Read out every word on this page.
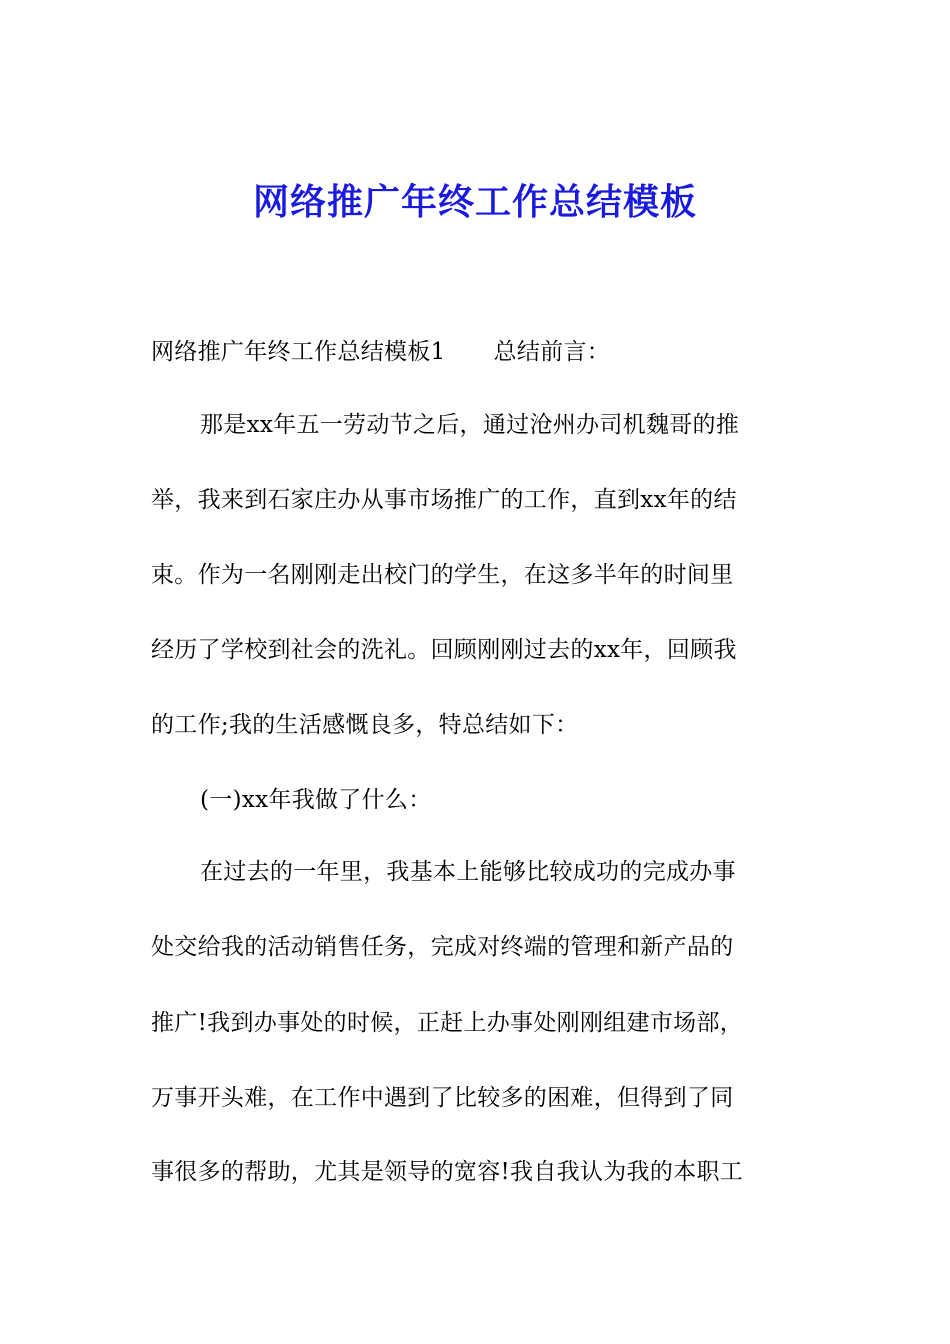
网络推广年终工作总结模板
网络推广年终工作总结模板1 总结前言：
那是xx年五一劳动节之后，通过沧州办司机魏哥的推
举，我来到石家庄办从事市场推广的工作，直到xx年的结
束。作为一名刚刚走出校门的学生，在这多半年的时间里
经历了学校到社会的洗礼。回顾刚刚过去的xx年，回顾我
的工作;我的生活感慨良多，特总结如下：
(一)xx年我做了什么：
在过去的一年里，我基本上能够比较成功的完成办事
处交给我的活动销售任务，完成对终端的管理和新产品的
推广!我到办事处的时候，正赶上办事处刚刚组建市场部，
万事开头难，在工作中遇到了比较多的困难，但得到了同
事很多的帮助，尤其是领导的宽容!我自我认为我的本职工
